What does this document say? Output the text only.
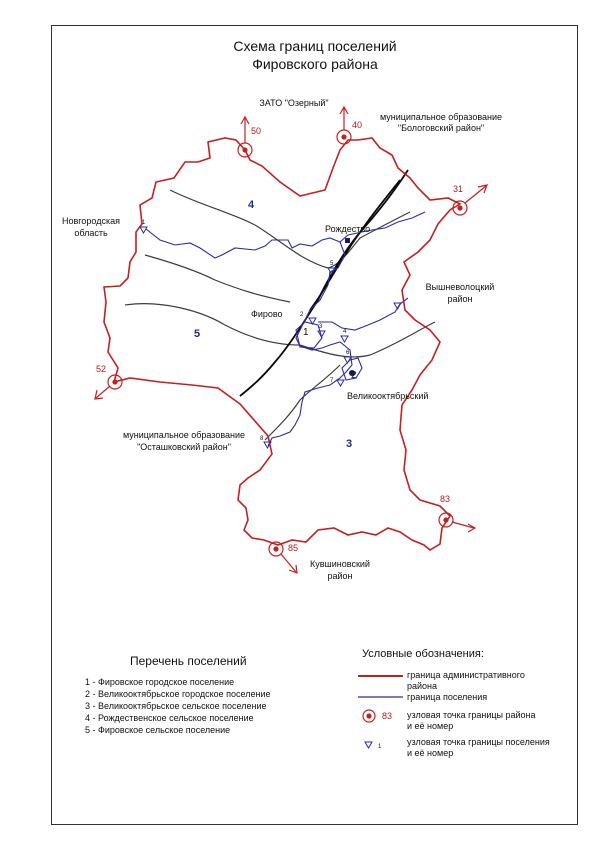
Схема границ поселений
Фировского района
50
40
31
52
83
85
1
2
3
4
5
6
7
8
4
5
3
1
2
Рождество
Фирово
Великооктябрьский
ЗАТО "Озерный"
муниципальное образование
"Бологовский район"
Новгородская
область
Вышневолоцкий
район
муниципальное образование
"Осташковский район"
Кувшиновский
район
83
1
Перечень поселений
1 - Фировское городское поселение
2 - Великооктябрьское городское поселение
3 - Великооктябрьское сельское поселение
4 - Рождественское сельское поселение
5 - Фировское сельское поселение
Условные обозначения:
граница административного
района
граница поселения
узловая точка границы района
и её номер
узловая точка границы поселения
и её номер
